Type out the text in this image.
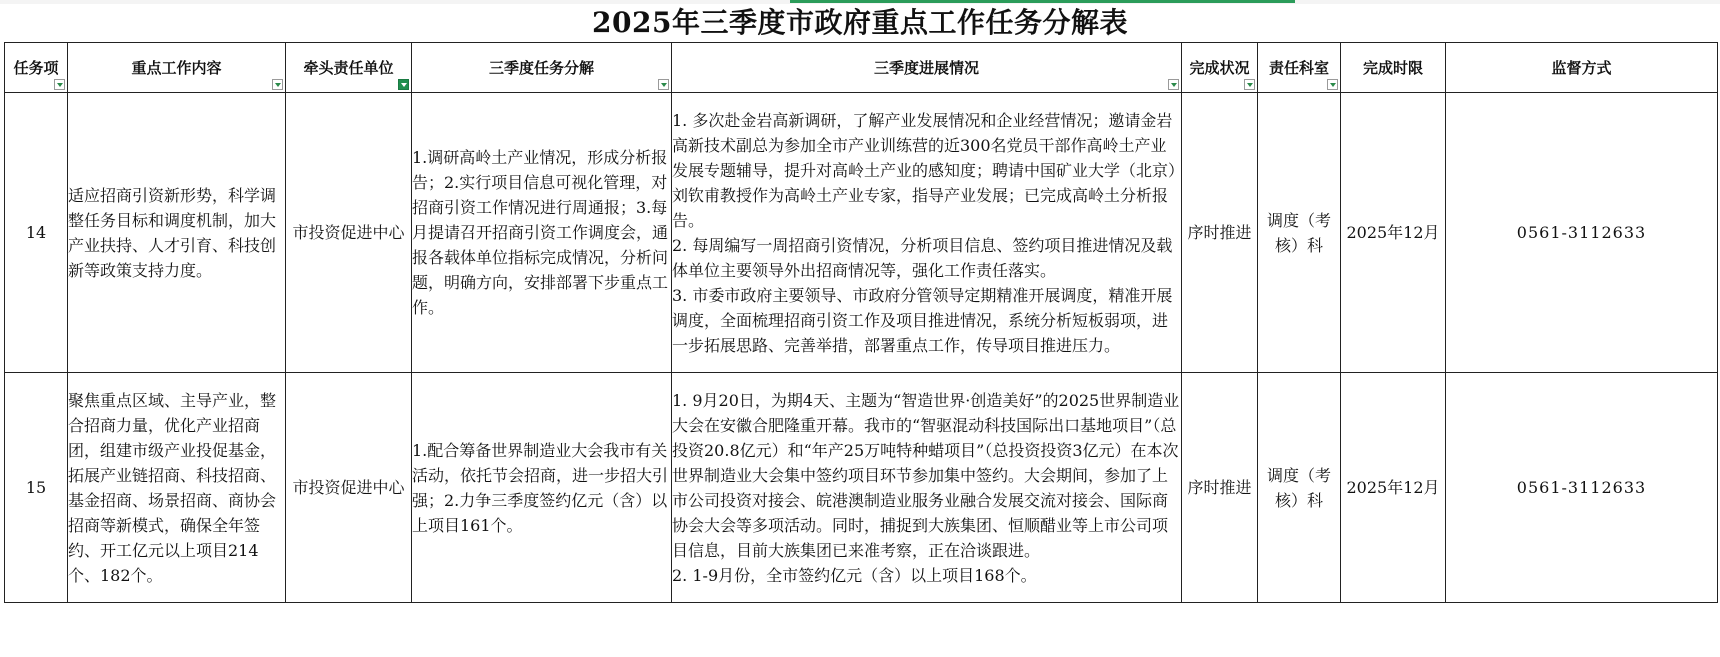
2025年三季度市政府重点工作任务分解表
任务项	重点工作内容	牵头责任单位	三季度任务分解	三季度进展情况	完成状况	责任科室	完成时限	监督方式
14	适应招商引资新形势，科学调整任务目标和调度机制，加大产业扶持、人才引育、科技创新等政策支持力度。	市投资促进中心	1.调研高岭土产业情况，形成分析报告；2.实行项目信息可视化管理，对招商引资工作情况进行周通报；3.每月提请召开招商引资工作调度会，通报各载体单位指标完成情况，分析问题，明确方向，安排部署下步重点工作。	1. 多次赴金岩高新调研，了解产业发展情况和企业经营情况；邀请金岩高新技术副总为参加全市产业训练营的近300名党员干部作高岭土产业发展专题辅导，提升对高岭土产业的感知度；聘请中国矿业大学（北京）刘钦甫教授作为高岭土产业专家，指导产业发展；已完成高岭土分析报告。

2. 每周编写一周招商引资情况，分析项目信息、签约项目推进情况及载体单位主要领导外出招商情况等，强化工作责任落实。

3. 市委市政府主要领导、市政府分管领导定期精准开展调度，精准开展调度，全面梳理招商引资工作及项目推进情况，系统分析短板弱项，进一步拓展思路、完善举措，部署重点工作，传导项目推进压力。	序时推进	调度（考核）科	2025年12月	0561-3112633
15	聚焦重点区域、主导产业，整合招商力量，优化产业招商团，组建市级产业投促基金，拓展产业链招商、科技招商、基金招商、场景招商、商协会招商等新模式，确保全年签约、开工亿元以上项目214个、182个。	市投资促进中心	1.配合筹备世界制造业大会我市有关活动，依托节会招商，进一步招大引强；2.力争三季度签约亿元（含）以上项目161个。	1. 9月20日，为期4天、主题为“智造世界·创造美好”的2025世界制造业大会在安徽合肥隆重开幕。我市的“智驱混动科技国际出口基地项目”（总投资20.8亿元）和“年产25万吨特种蜡项目”（总投资投资3亿元）在本次世界制造业大会集中签约项目环节参加集中签约。大会期间，参加了上市公司投资对接会、皖港澳制造业服务业融合发展交流对接会、国际商协会大会等多项活动。同时，捕捉到大族集团、恒顺醋业等上市公司项目信息，目前大族集团已来准考察，正在洽谈跟进。

2. 1-9月份，全市签约亿元（含）以上项目168个。	序时推进	调度（考核）科	2025年12月	0561-3112633
